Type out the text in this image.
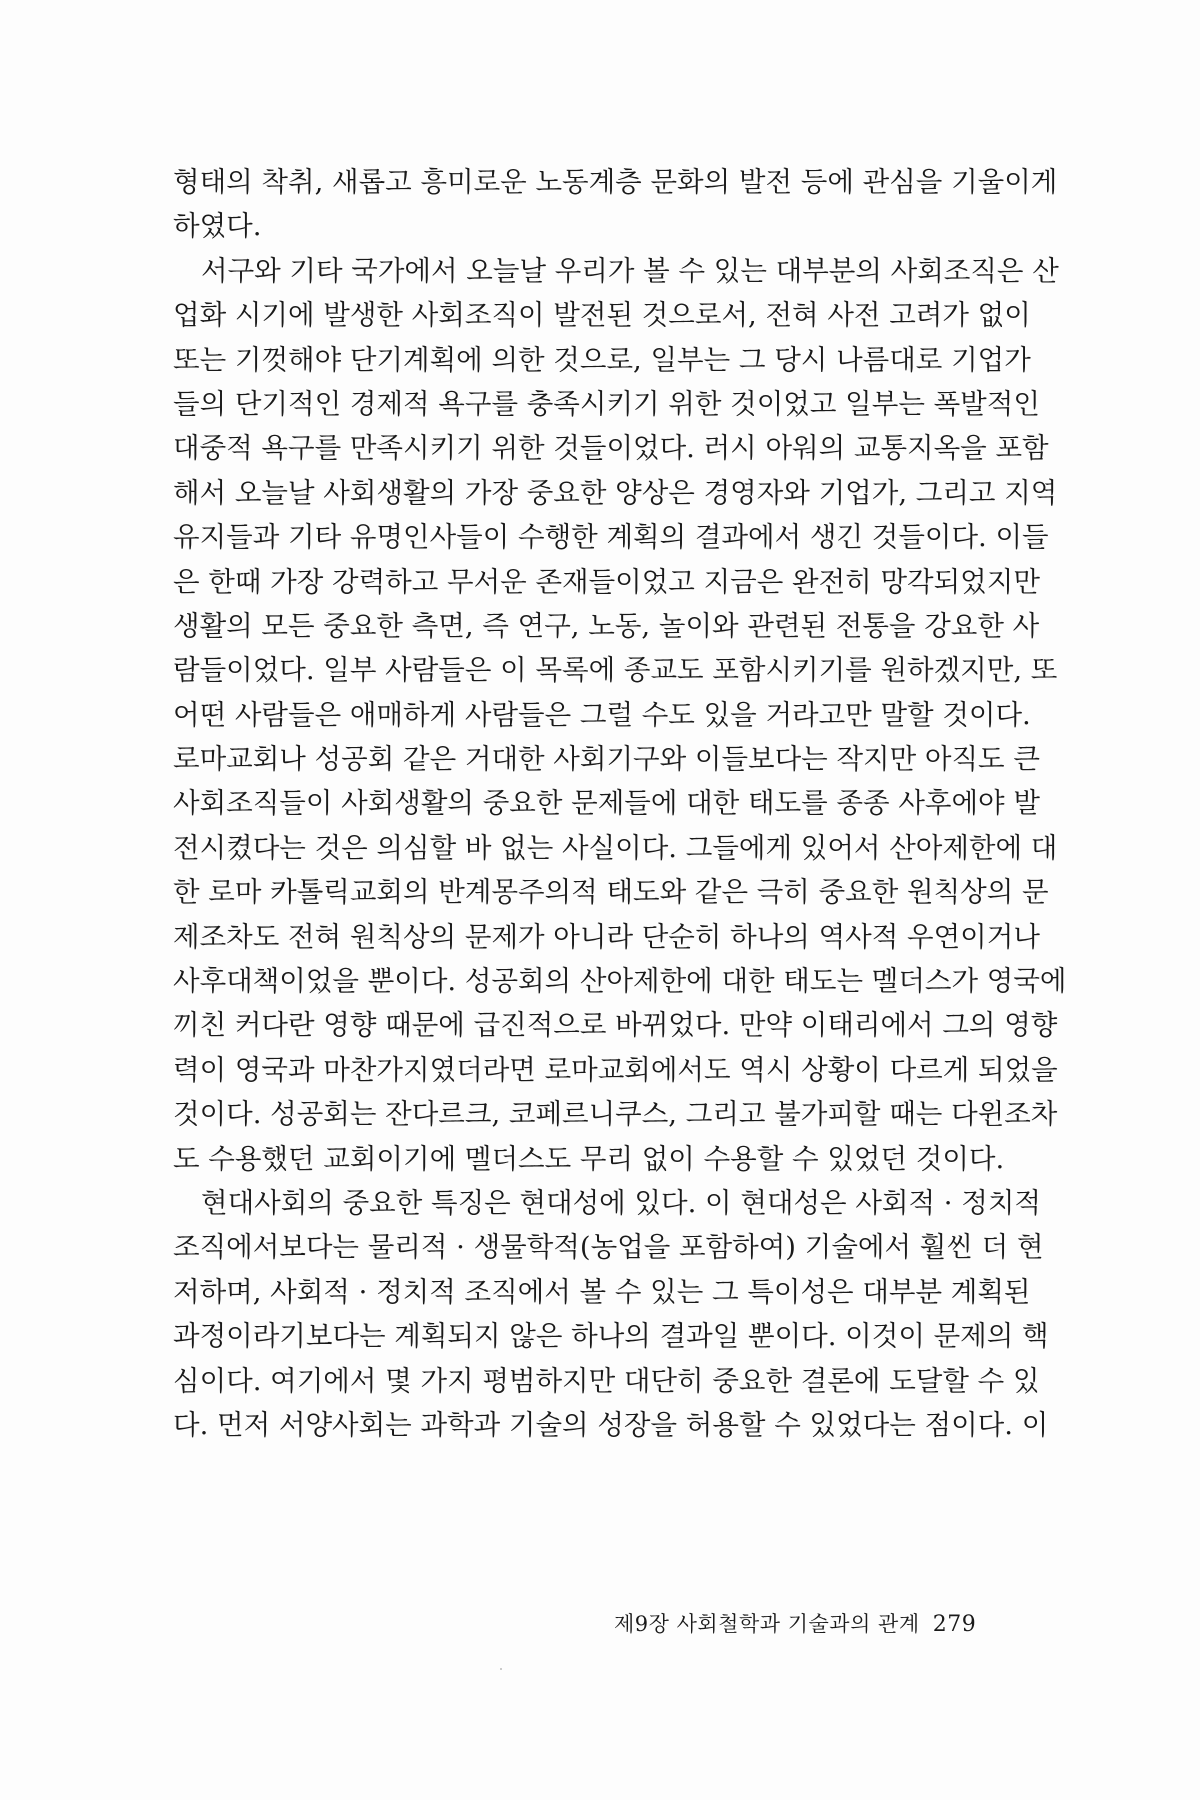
형태의 착취, 새롭고 흥미로운 노동계층 문화의 발전 등에 관심을 기울이게
하였다.
서구와 기타 국가에서 오늘날 우리가 볼 수 있는 대부분의 사회조직은 산
업화 시기에 발생한 사회조직이 발전된 것으로서, 전혀 사전 고려가 없이
또는 기껏해야 단기계획에 의한 것으로, 일부는 그 당시 나름대로 기업가
들의 단기적인 경제적 욕구를 충족시키기 위한 것이었고 일부는 폭발적인
대중적 욕구를 만족시키기 위한 것들이었다. 러시 아워의 교통지옥을 포함
해서 오늘날 사회생활의 가장 중요한 양상은 경영자와 기업가, 그리고 지역
유지들과 기타 유명인사들이 수행한 계획의 결과에서 생긴 것들이다. 이들
은 한때 가장 강력하고 무서운 존재들이었고 지금은 완전히 망각되었지만
생활의 모든 중요한 측면, 즉 연구, 노동, 놀이와 관련된 전통을 강요한 사
람들이었다. 일부 사람들은 이 목록에 종교도 포함시키기를 원하겠지만, 또
어떤 사람들은 애매하게 사람들은 그럴 수도 있을 거라고만 말할 것이다.
로마교회나 성공회 같은 거대한 사회기구와 이들보다는 작지만 아직도 큰
사회조직들이 사회생활의 중요한 문제들에 대한 태도를 종종 사후에야 발
전시켰다는 것은 의심할 바 없는 사실이다. 그들에게 있어서 산아제한에 대
한 로마 카톨릭교회의 반계몽주의적 태도와 같은 극히 중요한 원칙상의 문
제조차도 전혀 원칙상의 문제가 아니라 단순히 하나의 역사적 우연이거나
사후대책이었을 뿐이다. 성공회의 산아제한에 대한 태도는 멜더스가 영국에
끼친 커다란 영향 때문에 급진적으로 바뀌었다. 만약 이태리에서 그의 영향
력이 영국과 마찬가지였더라면 로마교회에서도 역시 상황이 다르게 되었을
것이다. 성공회는 잔다르크, 코페르니쿠스, 그리고 불가피할 때는 다윈조차
도 수용했던 교회이기에 멜더스도 무리 없이 수용할 수 있었던 것이다.
현대사회의 중요한 특징은 현대성에 있다. 이 현대성은 사회적 · 정치적
조직에서보다는 물리적 · 생물학적(농업을 포함하여) 기술에서 훨씬 더 현
저하며, 사회적 · 정치적 조직에서 볼 수 있는 그 특이성은 대부분 계획된
과정이라기보다는 계획되지 않은 하나의 결과일 뿐이다. 이것이 문제의 핵
심이다. 여기에서 몇 가지 평범하지만 대단히 중요한 결론에 도달할 수 있
다. 먼저 서양사회는 과학과 기술의 성장을 허용할 수 있었다는 점이다. 이
제9장 사회철학과 기술과의 관계 279
